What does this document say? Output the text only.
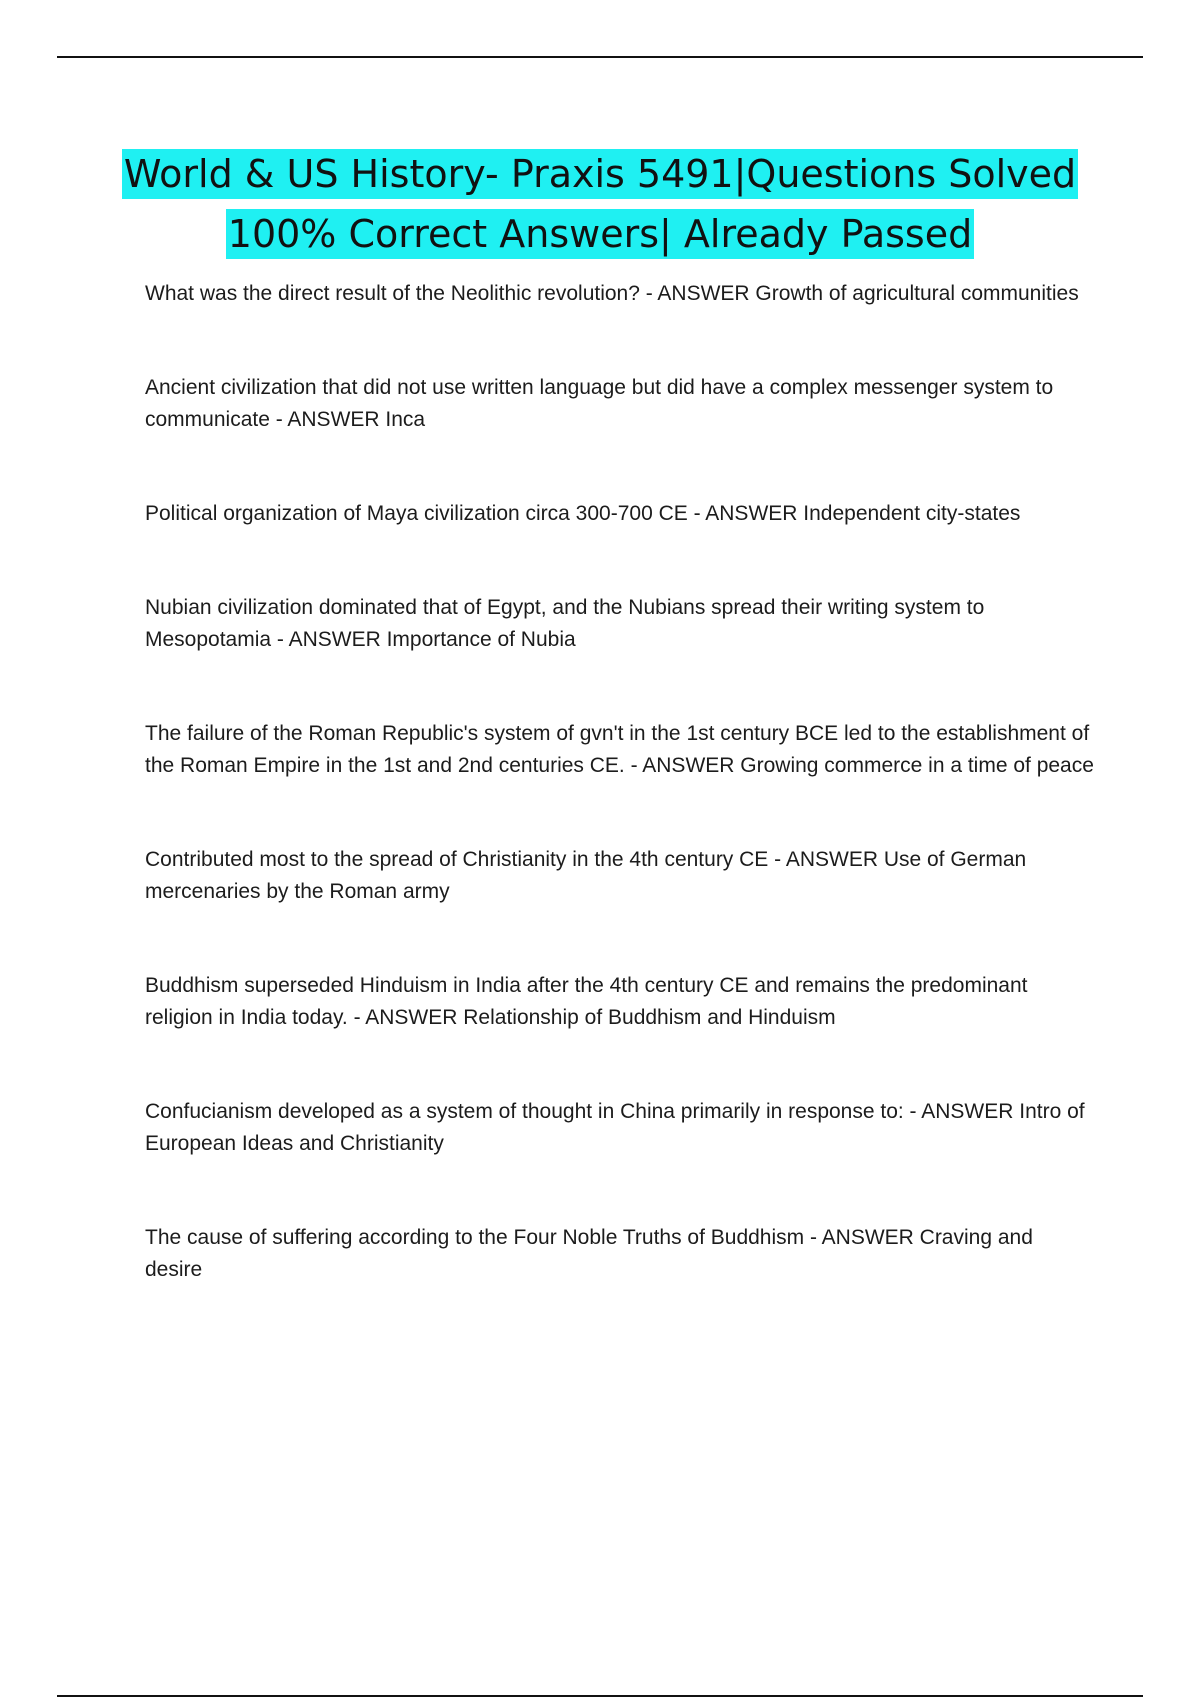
World & US History- Praxis 5491|Questions Solved
100% Correct Answers| Already Passed

What was the direct result of the Neolithic revolution? - ANSWER Growth of agricultural communities

Ancient civilization that did not use written language but did have a complex messenger system to communicate - ANSWER Inca

Political organization of Maya civilization circa 300-700 CE - ANSWER Independent city-states

Nubian civilization dominated that of Egypt, and the Nubians spread their writing system to Mesopotamia - ANSWER Importance of Nubia

The failure of the Roman Republic's system of gvn't in the 1st century BCE led to the establishment of the Roman Empire in the 1st and 2nd centuries CE. - ANSWER Growing commerce in a time of peace

Contributed most to the spread of Christianity in the 4th century CE - ANSWER Use of German mercenaries by the Roman army

Buddhism superseded Hinduism in India after the 4th century CE and remains the predominant religion in India today. - ANSWER Relationship of Buddhism and Hinduism

Confucianism developed as a system of thought in China primarily in response to: - ANSWER Intro of European Ideas and Christianity

The cause of suffering according to the Four Noble Truths of Buddhism - ANSWER Craving and desire
